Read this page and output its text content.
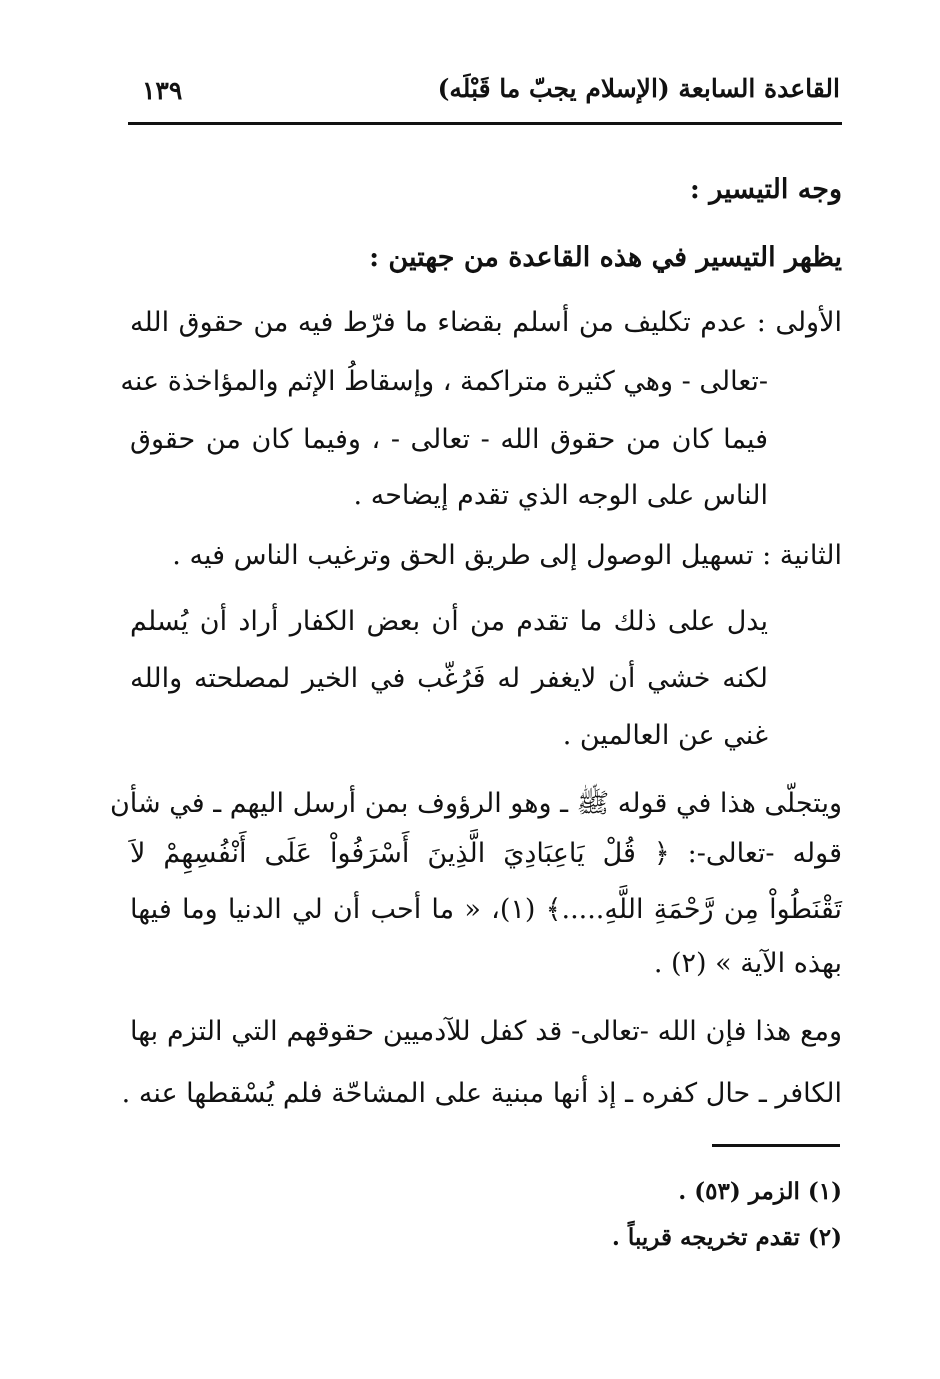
القاعدة السابعة (الإسلام يجبّ ما قَبْلَه)
١٣٩
وجه التيسير :
يظهر التيسير في هذه القاعدة من جهتين :
الأولى : عدم تكليف من أسلم بقضاء ما فرّط فيه من حقوق الله
-تعالى - وهي كثيرة متراكمة ، وإسقاطُ الإثم والمؤاخذة عنه
فيما كان من حقوق الله - تعالى - ، وفيما كان من حقوق
الناس على الوجه الذي تقدم إيضاحه .
الثانية : تسهيل الوصول إلى طريق الحق وترغيب الناس فيه .
يدل على ذلك ما تقدم من أن بعض الكفار أراد أن يُسلم
لكنه خشي أن لايغفر له فَرُغّب في الخير لمصلحته والله
غني عن العالمين .
ويتجلّى هذا في قوله ﷺ ـ وهو الرؤوف بمن أرسل اليهم ـ في شأن
قوله -تعالى-: ﴿ قُلْ يَاعِبَادِيَ الَّذِينَ أَسْرَفُواْ عَلَى أَنْفُسِهِمْ لاَ
تَقْنَطُواْ مِن رَّحْمَةِ اللَّهِ.....﴾ (١)، « ما أحب أن لي الدنيا وما فيها
بهذه الآية » (٢) .
ومع هذا فإن الله -تعالى- قد كفل للآدميين حقوقهم التي التزم بها
الكافر ـ حال كفره ـ إذ أنها مبنية على المشاحّة فلم يُسْقطها عنه .
(١) الزمر (٥٣) .
(٢) تقدم تخريجه قريباً .
